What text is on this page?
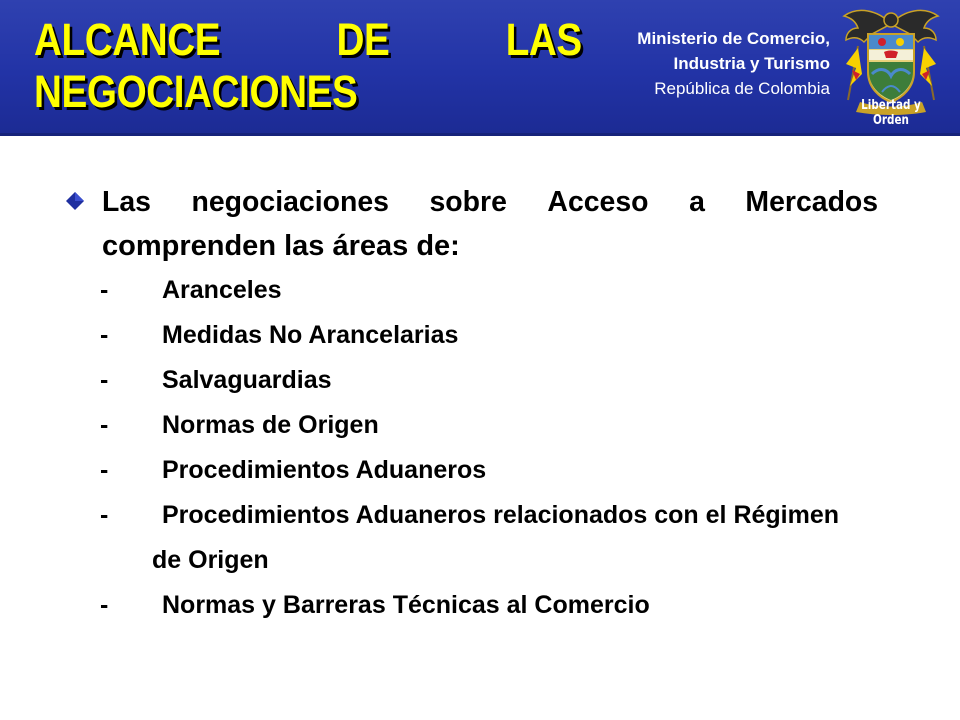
ALCANCE	DE	LAS
NEGOCIACIONES
Ministerio de Comercio,
Industria y Turismo
República de Colombia
Libertad y Orden
Las negociaciones sobre Acceso a Mercados
comprenden las áreas de:
- Aranceles
- Medidas No Arancelarias
- Salvaguardias
- Normas de Origen
- Procedimientos Aduaneros
- Procedimientos Aduaneros relacionados con el Régimen
de Origen
- Normas y Barreras Técnicas al Comercio
